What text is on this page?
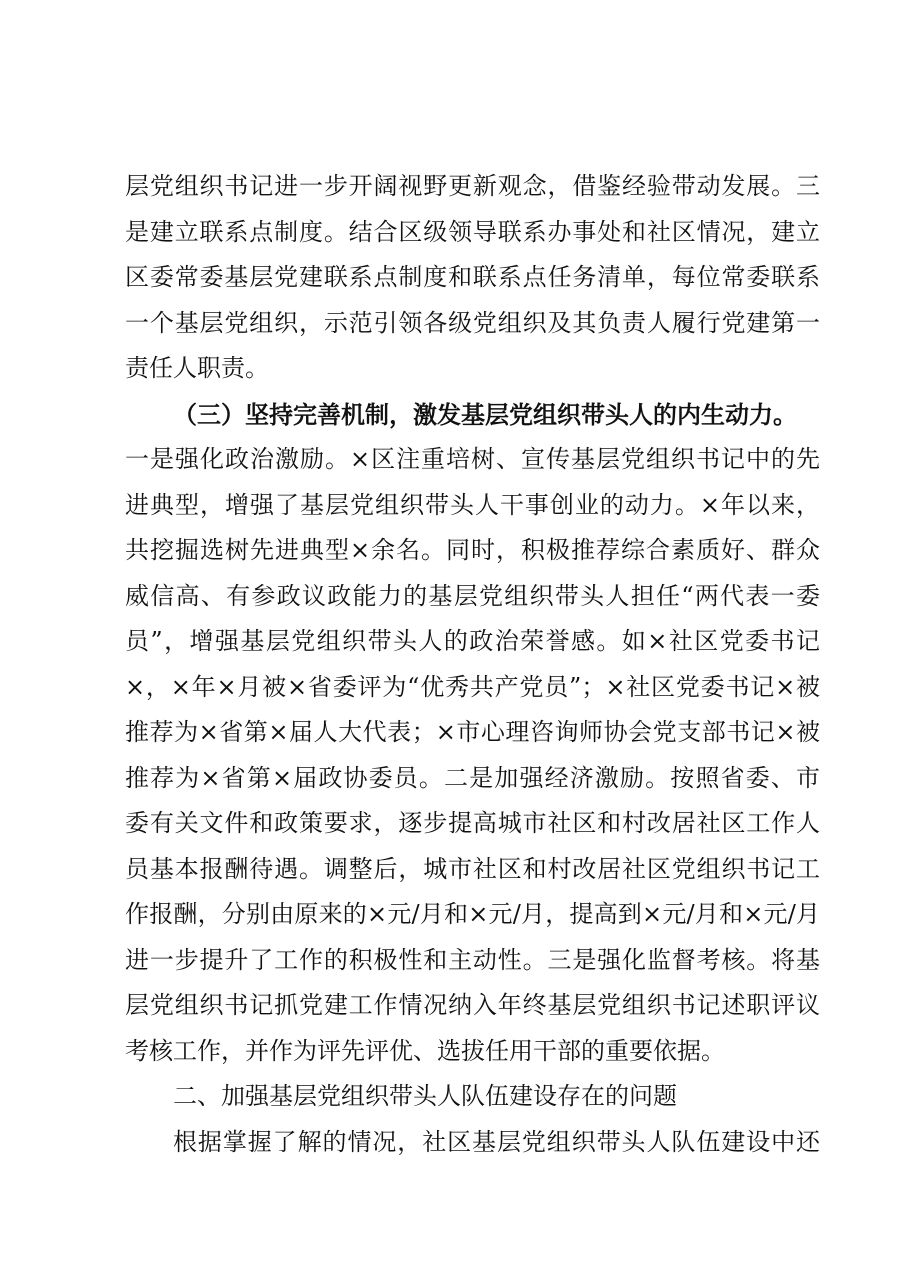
层党组织书记进一步开阔视野更新观念，借鉴经验带动发展。三
是建立联系点制度。结合区级领导联系办事处和社区情况，建立
区委常委基层党建联系点制度和联系点任务清单，每位常委联系
一个基层党组织，示范引领各级党组织及其负责人履行党建第一
责任人职责。
（三）坚持完善机制，激发基层党组织带头人的内生动力。
一是强化政治激励。×区注重培树、宣传基层党组织书记中的先
进典型，增强了基层党组织带头人干事创业的动力。×年以来，
共挖掘选树先进典型×余名。同时，积极推荐综合素质好、群众
威信高、有参政议政能力的基层党组织带头人担任“两代表一委
员”，增强基层党组织带头人的政治荣誉感。如×社区党委书记
×，×年×月被×省委评为“优秀共产党员”；×社区党委书记×被
推荐为×省第×届人大代表；×市心理咨询师协会党支部书记×被
推荐为×省第×届政协委员。二是加强经济激励。按照省委、市
委有关文件和政策要求，逐步提高城市社区和村改居社区工作人
员基本报酬待遇。调整后，城市社区和村改居社区党组织书记工
作报酬，分别由原来的×元/月和×元/月，提高到×元/月和×元/月
进一步提升了工作的积极性和主动性。三是强化监督考核。将基
层党组织书记抓党建工作情况纳入年终基层党组织书记述职评议
考核工作，并作为评先评优、选拔任用干部的重要依据。
二、加强基层党组织带头人队伍建设存在的问题
根据掌握了解的情况，社区基层党组织带头人队伍建设中还
